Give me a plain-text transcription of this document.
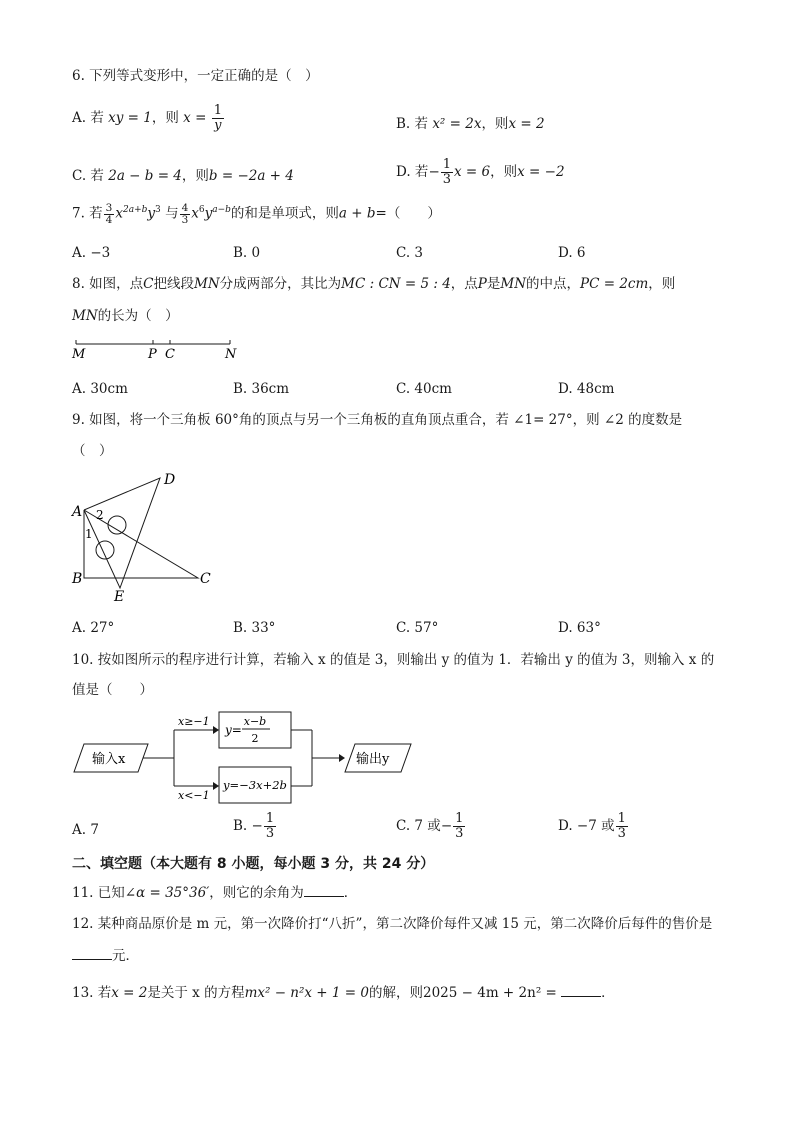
6. 下列等式变形中，一定正确的是（　）
A. 若 xy = 1，则 $x = \frac{1}{y}$	B. 若 x² = 2x，则x = 2
C. 若 2a − b = 4，则b = −2a + 4	D. 若− $\frac{1}{3}$ x = 6，则x = −2
7. 若 $\frac{3}{4} x^{2a+b}y^3$ 与 $\frac{4}{3} x^6y^{a-b}$的和是单项式，则a + b=（　　）
A. −3	B. 0	C. 3	D. 6
8. 如图，点C把线段MN分成两部分，其比为MC : CN = 5 : 4，点P是MN的中点，PC = 2cm，则
MN的长为（　）
M	P C	N
A. 30cm	B. 36cm	C. 40cm	D. 48cm
9. 如图，将一个三角板 60°角的顶点与另一个三角板的直角顶点重合，若 ∠1= 27°，则 ∠2 的度数是
（　）
A
B	C
D
E
1
2
A. 27°	B. 33°	C. 57°	D. 63°
10. 按如图所示的程序进行计算，若输入 x 的值是 3，则输出 y 的值为 1．若输出 y 的值为 3，则输入 x 的
值是（　　）
输入x
x≥−1
x<−1
y=
x−b
2
y=−3x+2b
输出y
A. 7	B. − $\frac{1}{3}$	C. 7 或− $\frac{1}{3}$	D. −7 或 $\frac{1}{3}$
二、填空题（本大题有 8 小题，每小题 3 分，共 24 分）
11. 已知∠α = 35°36′，则它的余角为	．
12. 某种商品原价是 m 元，第一次降价打“八折”，第二次降价每件又减 15 元，第二次降价后每件的售价是
元．
13. 若x = 2是关于 x 的方程mx² − n²x + 1 = 0的解，则2025 − 4m + 2n² =	．
